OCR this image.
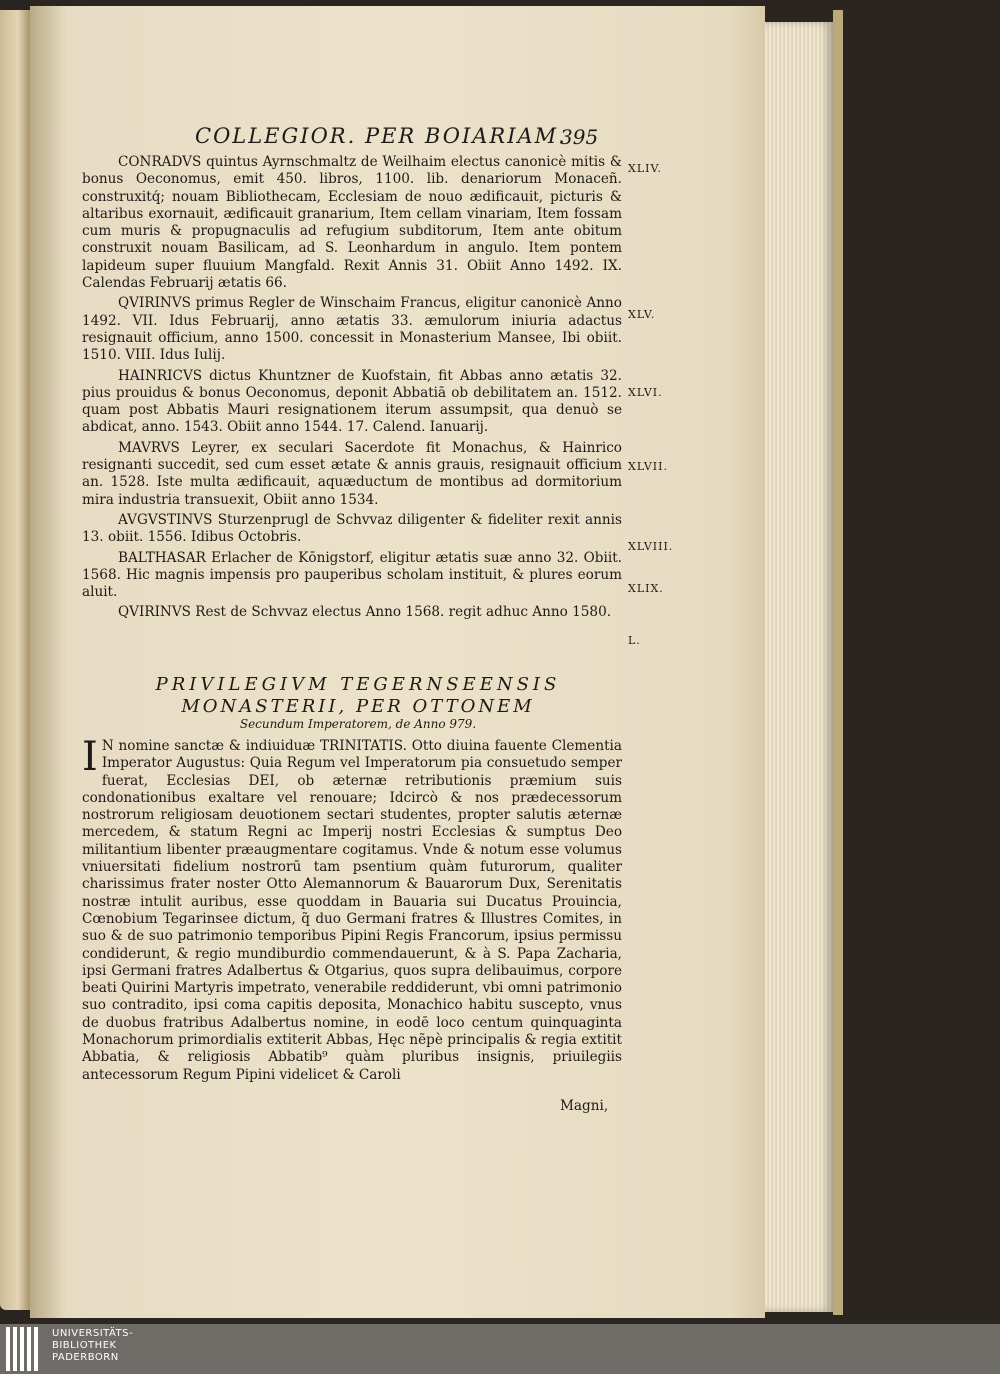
COLLEGIOR. PER BOIARIAM.
395
CONRADVS quintus Ayrnschmaltz de Weilhaim electus canonicè mitis & bonus Oeconomus, emit 450. libros, 1100. lib. denariorum Monaceñ. construxitq́; nouam Bibliothecam, Ecclesiam de nouo ædificauit, picturis & altaribus exornauit, ædificauit granarium, Item cellam vinariam, Item fossam cum muris & propugnaculis ad refugium subditorum, Item ante obitum construxit nouam Basilicam, ad S. Leonhardum in angulo. Item pontem lapideum super fluuium Mangfald. Rexit Annis 31. Obiit Anno 1492. IX. Calendas Februarij ætatis 66.
QVIRINVS primus Regler de Winschaim Francus, eligitur canonicè Anno 1492. VII. Idus Februarij, anno ætatis 33. æmulorum iniuria adactus resignauit officium, anno 1500. concessit in Monasterium Mansee, Ibi obiit. 1510. VIII. Idus Iulij.
HAINRICVS dictus Khuntzner de Kuofstain, fit Abbas anno ætatis 32. pius prouidus & bonus Oeconomus, deponit Abbatiā ob debilitatem an. 1512. quam post Abbatis Mauri resignationem iterum assumpsit, qua denuò se abdicat, anno. 1543. Obiit anno 1544. 17. Calend. Ianuarij.
MAVRVS Leyrer, ex seculari Sacerdote fit Monachus, & Hainrico resignanti succedit, sed cum esset ætate & annis grauis, resignauit officium an. 1528. Iste multa ædificauit, aquæductum de montibus ad dormitorium mira industria transuexit, Obiit anno 1534.
AVGVSTINVS Sturzenprugl de Schvvaz diligenter & fideliter rexit annis 13. obiit. 1556. Idibus Octobris.
BALTHASAR Erlacher de Kōnigstorf, eligitur ætatis suæ anno 32. Obiit. 1568. Hic magnis impensis pro pauperibus scholam instituit, & plures eorum aluit.
QVIRINVS Rest de Schvvaz electus Anno 1568. regit adhuc Anno 1580.
XLIV.
XLV.
XLVI.
XLVII.
XLVIII.
XLIX.
L.
PRIVILEGIVM TEGERNSEENSIS
MONASTERII, PER OTTONEM
Secundum Imperatorem, de Anno 979.
I N nomine sanctæ & indiuiduæ TRINITATIS. Otto diuina fauente Clementia Imperator Augustus: Quia Regum vel Imperatorum pia consuetudo semper fuerat, Ecclesias DEI, ob æternæ retributionis præmium suis condonationibus exaltare vel renouare; Idcircò & nos prædecessorum nostrorum religiosam deuotionem sectari studentes, propter salutis æternæ mercedem, & statum Regni ac Imperij nostri Ecclesias & sumptus Deo militantium libenter præaugmentare cogitamus. Vnde & notum esse volumus vniuersitati fidelium nostrorū tam psentium quàm futurorum, qualiter charissimus frater noster Otto Alemannorum & Bauarorum Dux, Serenitatis nostræ intulit auribus, esse quoddam in Bauaria sui Ducatus Prouincia, Cœnobium Tegarinsee dictum, q̃ duo Germani fratres & Illustres Comites, in suo & de suo patrimonio temporibus Pipini Regis Francorum, ipsius permissu condiderunt, & regio mundiburdio commendauerunt, & à S. Papa Zacharia, ipsi Germani fratres Adalbertus & Otgarius, quos supra delibauimus, corpore beati Quirini Martyris impetrato, venerabile reddiderunt, vbi omni patrimonio suo contradito, ipsi coma capitis deposita, Monachico habitu suscepto, vnus de duobus fratribus Adalbertus nomine, in eodē loco centum quinquaginta Monachorum primordialis extiterit Abbas, Hęc nẽpè principalis & regia extitit Abbatia, & religiosis Abbatib⁹ quàm pluribus insignis, priuilegiis antecessorum Regum Pipini videlicet & Caroli
Magni,
UNIVERSITÄTS-
BIBLIOTHEK
PADERBORN
